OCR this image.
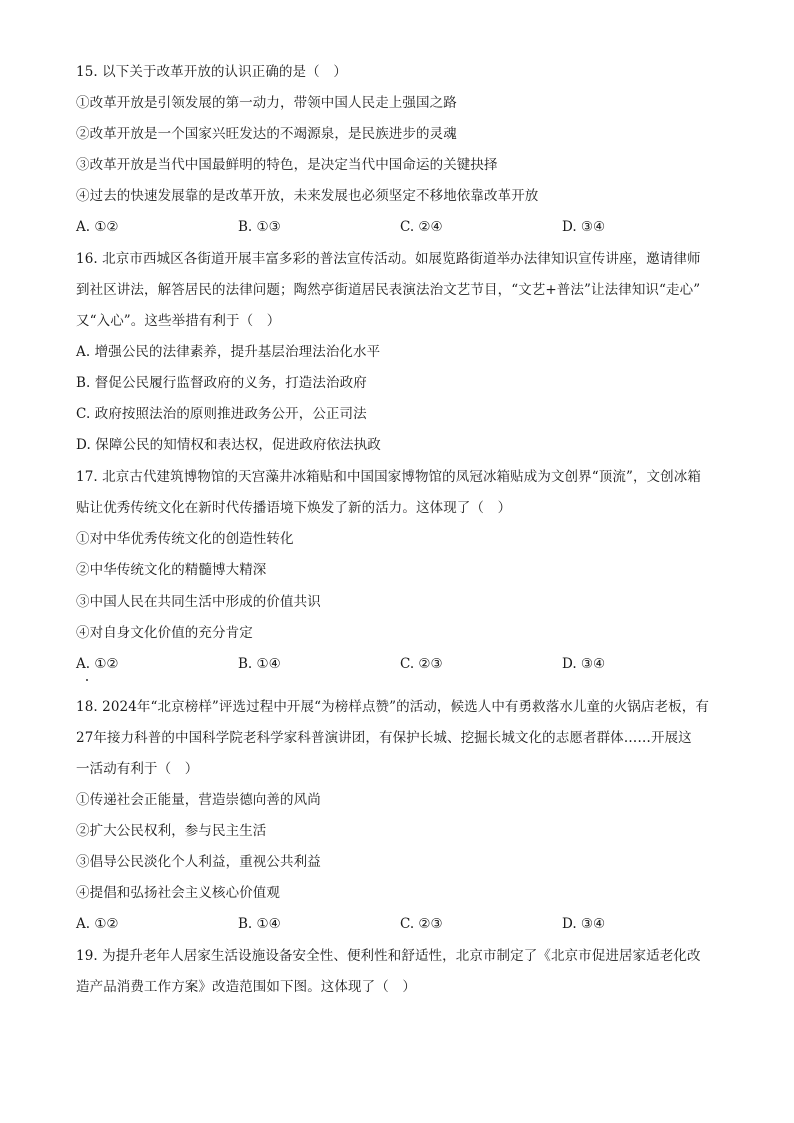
15. 以下关于改革开放的认识正确的是（　）
①改革开放是引领发展的第一动力，带领中国人民走上强国之路
②改革开放是一个国家兴旺发达的不竭源泉，是民族进步的灵魂
③改革开放是当代中国最鲜明的特色，是决定当代中国命运的关键抉择
④过去的快速发展靠的是改革开放，未来发展也必须坚定不移地依靠改革开放
A. ①②	B. ①③	C. ②④	D. ③④
16. 北京市西城区各街道开展丰富多彩的普法宣传活动。如展览路街道举办法律知识宣传讲座，邀请律师
到社区讲法，解答居民的法律问题；陶然亭街道居民表演法治文艺节目，“文艺+普法”让法律知识“走心”
又“入心”。这些举措有利于（　）
A. 增强公民的法律素养，提升基层治理法治化水平
B. 督促公民履行监督政府的义务，打造法治政府
C. 政府按照法治的原则推进政务公开，公正司法
D. 保障公民的知情权和表达权，促进政府依法执政
17. 北京古代建筑博物馆的天宫藻井冰箱贴和中国国家博物馆的凤冠冰箱贴成为文创界“顶流”，文创冰箱
贴让优秀传统文化在新时代传播语境下焕发了新的活力。这体现了（　）
①对中华优秀传统文化的创造性转化
②中华传统文化的精髓博大精深
③中国人民在共同生活中形成的价值共识
④对自身文化价值的充分肯定
A. ①②	B. ①④	C. ②③	D. ③④
18. 2024年“北京榜样”评选过程中开展“为榜样点赞”的活动，候选人中有勇救落水儿童的火锅店老板，有
27年接力科普的中国科学院老科学家科普演讲团，有保护长城、挖掘长城文化的志愿者群体……开展这
一活动有利于（　）
①传递社会正能量，营造崇德向善的风尚
②扩大公民权利，参与民主生活
③倡导公民淡化个人利益，重视公共利益
④提倡和弘扬社会主义核心价值观
A. ①②	B. ①④	C. ②③	D. ③④
19. 为提升老年人居家生活设施设备安全性、便利性和舒适性，北京市制定了《北京市促进居家适老化改
造产品消费工作方案》改造范围如下图。这体现了（　）
